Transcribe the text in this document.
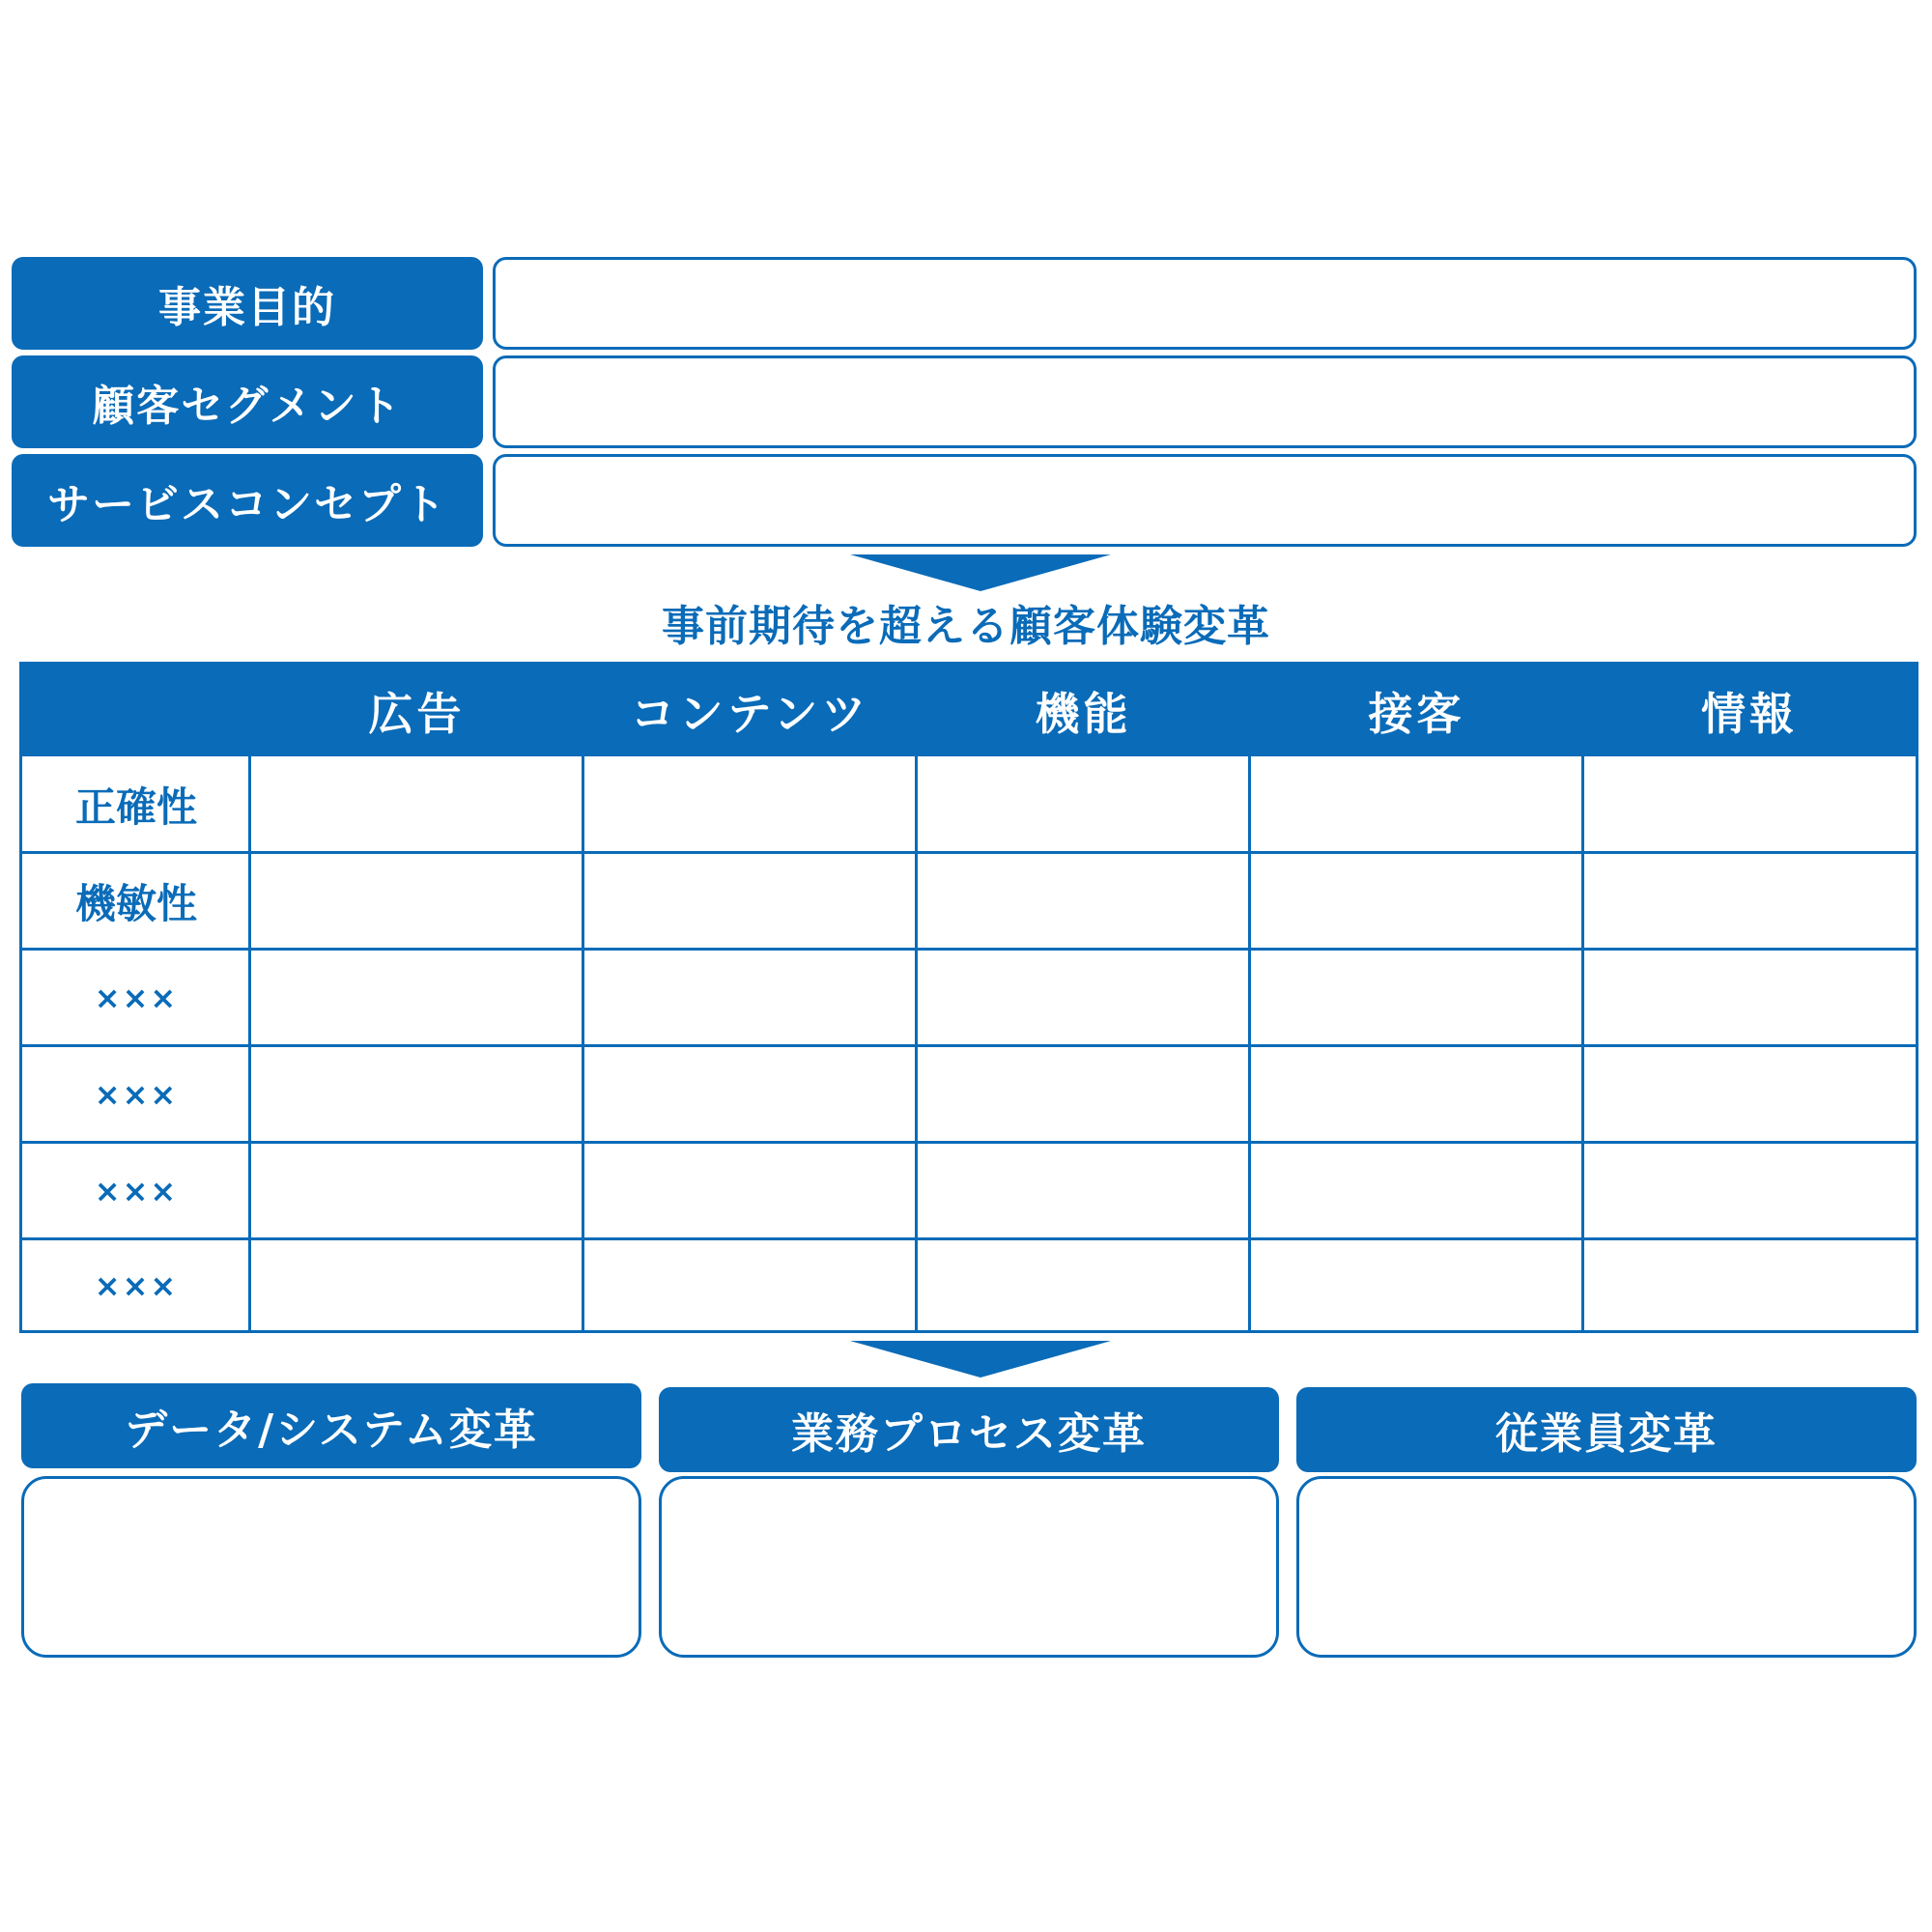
事業目的
顧客セグメント
サービスコンセプト
事前期待を超える顧客体験変革
広告	コンテンツ	機能	接客	情報
正確性
機敏性
×××
×××
×××
×××
データ/システム変革	業務プロセス変革	従業員変革
